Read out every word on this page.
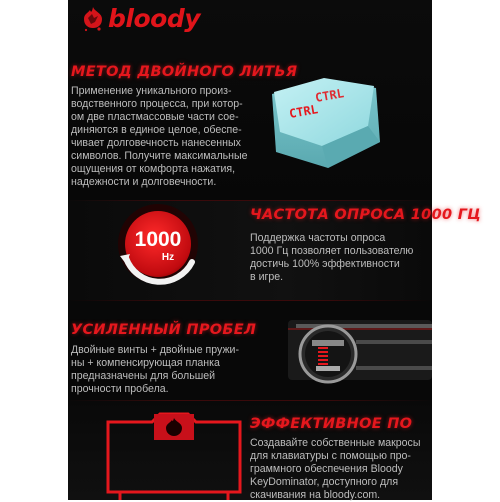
bloody
МЕТОД ДВОЙНОГО ЛИТЬЯ
Применение уникального произ-
водственного процесса, при котор-
ом две пластмассовые части сое-
диняются в единое целое, обеспе-
чивает долговечность нанесенных
символов. Получите максимальные
ощущения от комфорта нажатия,
надежности и долговечности.
CTRL
CTRL
1000
Hz
ЧАСТОТА ОПРОСА 1000 ГЦ
Поддержка частоты опроса
1000 Гц позволяет пользователю
достичь 100% эффективности
в игре.
УСИЛЕННЫЙ ПРОБЕЛ
Двойные винты + двойные пружи-
ны + компенсирующая планка
предназначены для большей
прочности пробела.
ЭФФЕКТИВНОЕ ПО
Создавайте собственные макросы
для клавиатуры с помощью про-
граммного обеспечения Bloody
KeyDominator, доступного для
скачивания на bloody.com.
